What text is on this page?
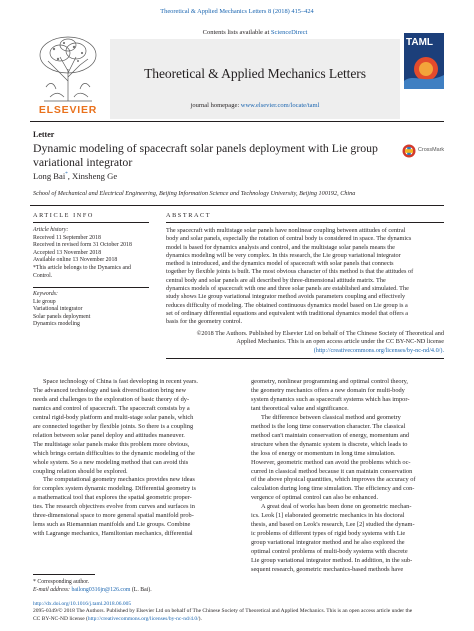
Theoretical & Applied Mechanics Letters 8 (2018) 415–424
ELSEVIER
Contents lists available at ScienceDirect
Theoretical & Applied Mechanics Letters
journal homepage: www.elsevier.com/locate/taml
TAML
Letter
Dynamic modeling of spacecraft solar panels deployment with Lie group
variational integrator
CrossMark
Long Bai*, Xinsheng Ge
School of Mechanical and Electrical Engineering, Beijing Information Science and Technology University, Beijing 100192, China
ARTICLE INFO
Article history:
Received 11 September 2018
Received in revised form 31 October 2018
Accepted 13 November 2018
Available online 13 November 2018
*This article belongs to the Dynamics and
Control.
Keywords:
Lie group
Variational integrator
Solar panels deployment
Dynamics modeling
ABSTRACT
The spacecraft with multistage solar panels have nonlinear coupling between attitudes of central
body and solar panels, especially the rotation of central body is considered in space. The dynamics
model is based for dynamics analysis and control, and the multistage solar panels means the
dynamics modeling will be very complex. In this research, the Lie group variational integrator
method is introduced, and the dynamics model of spacecraft with solar panels that connects
together by flexible joints is built. The most obvious character of this method is that the attitudes of
central body and solar panels are all described by three-dimensional attitude matrix. The
dynamics models of spacecraft with one and three solar panels are established and simulated. The
study shows Lie group variational integrator method avoids parameters coupling and effectively
reduces difficulty of modeling. The obtained continuous dynamics model based on Lie group is a
set of ordinary differential equations and equivalent with traditional dynamics model that offers a
basis for the geometry control.
©2018 The Authors. Published by Elsevier Ltd on behalf of The Chinese Society of Theoretical and
Applied Mechanics. This is an open access article under the CC BY-NC-ND license
(http://creativecommons.org/licenses/by-nc-nd/4.0/).
Space technology of China is fast developing in recent years.
The advanced technology and task diversification bring new
needs and challenges to the exploration of basic theory of dy-
namics and control of spacecraft. The spacecraft consists by a
central rigid-body platform and multi-stage solar panels, which
are connected together by flexible joints. So there is a coupling
relation between solar panel deploy and attitudes maneuver.
The multistage solar panels make this problem more obvious,
which brings certain difficulties to the dynamic modeling of the
whole system. So a new modeling method that can avoid this
coupling relation should be explored.
The computational geometry mechanics provides new ideas
for complex system dynamic modeling. Differential geometry is
a mathematical tool that explores the spatial geometric proper-
ties. The research objectives evolve from curves and surfaces in
three-dimensional space to more general spatial manifold prob-
lems such as Riemannian manifolds and Lie groups. Combine
with Lagrange mechanics, Hamiltonian mechanics, differential
geometry, nonlinear programming and optimal control theory,
the geometry mechanics offers a new domain for multi-body
system dynamics such as spacecraft systems which has impor-
tant theoretical value and significance.
The difference between classical method and geometry
method is the long time conservation character. The classical
method can't maintain conservation of energy, momentum and
structure when the dynamic system is discrete, which leads to
the loss of energy or momentum in long time simulation.
However, geometric method can avoid the problems which oc-
curred in classical method because it can maintain conservation
of the above physical quantities, which improves the accuracy of
calculation during long time simulation. The efficiency and con-
vergence of optimal control can also be enhanced.
A great deal of works has been done on geometric mechan-
ics. Leok [1] elaborated geometric mechanics in his doctoral
thesis, and based on Leok's research, Lee [2] studied the dynam-
ic problems of different types of rigid body systems with Lie
group variational integrator method and he also explored the
optimal control problems of multi-body systems with discrete
Lie group variational integrator method. In addition, in the sub-
sequent research, geometric mechanics-based methods have
* Corresponding author.
E-mail address: bailong0316jn@126.com (L. Bai).
http://dx.doi.org/10.1016/j.taml.2018.06.005
2095-0349/© 2018 The Authors. Published by Elsevier Ltd on behalf of The Chinese Society of Theoretical and Applied Mechanics. This is an open access article under the
CC BY-NC-ND license (http://creativecommons.org/licenses/by-nc-nd/4.0/).
